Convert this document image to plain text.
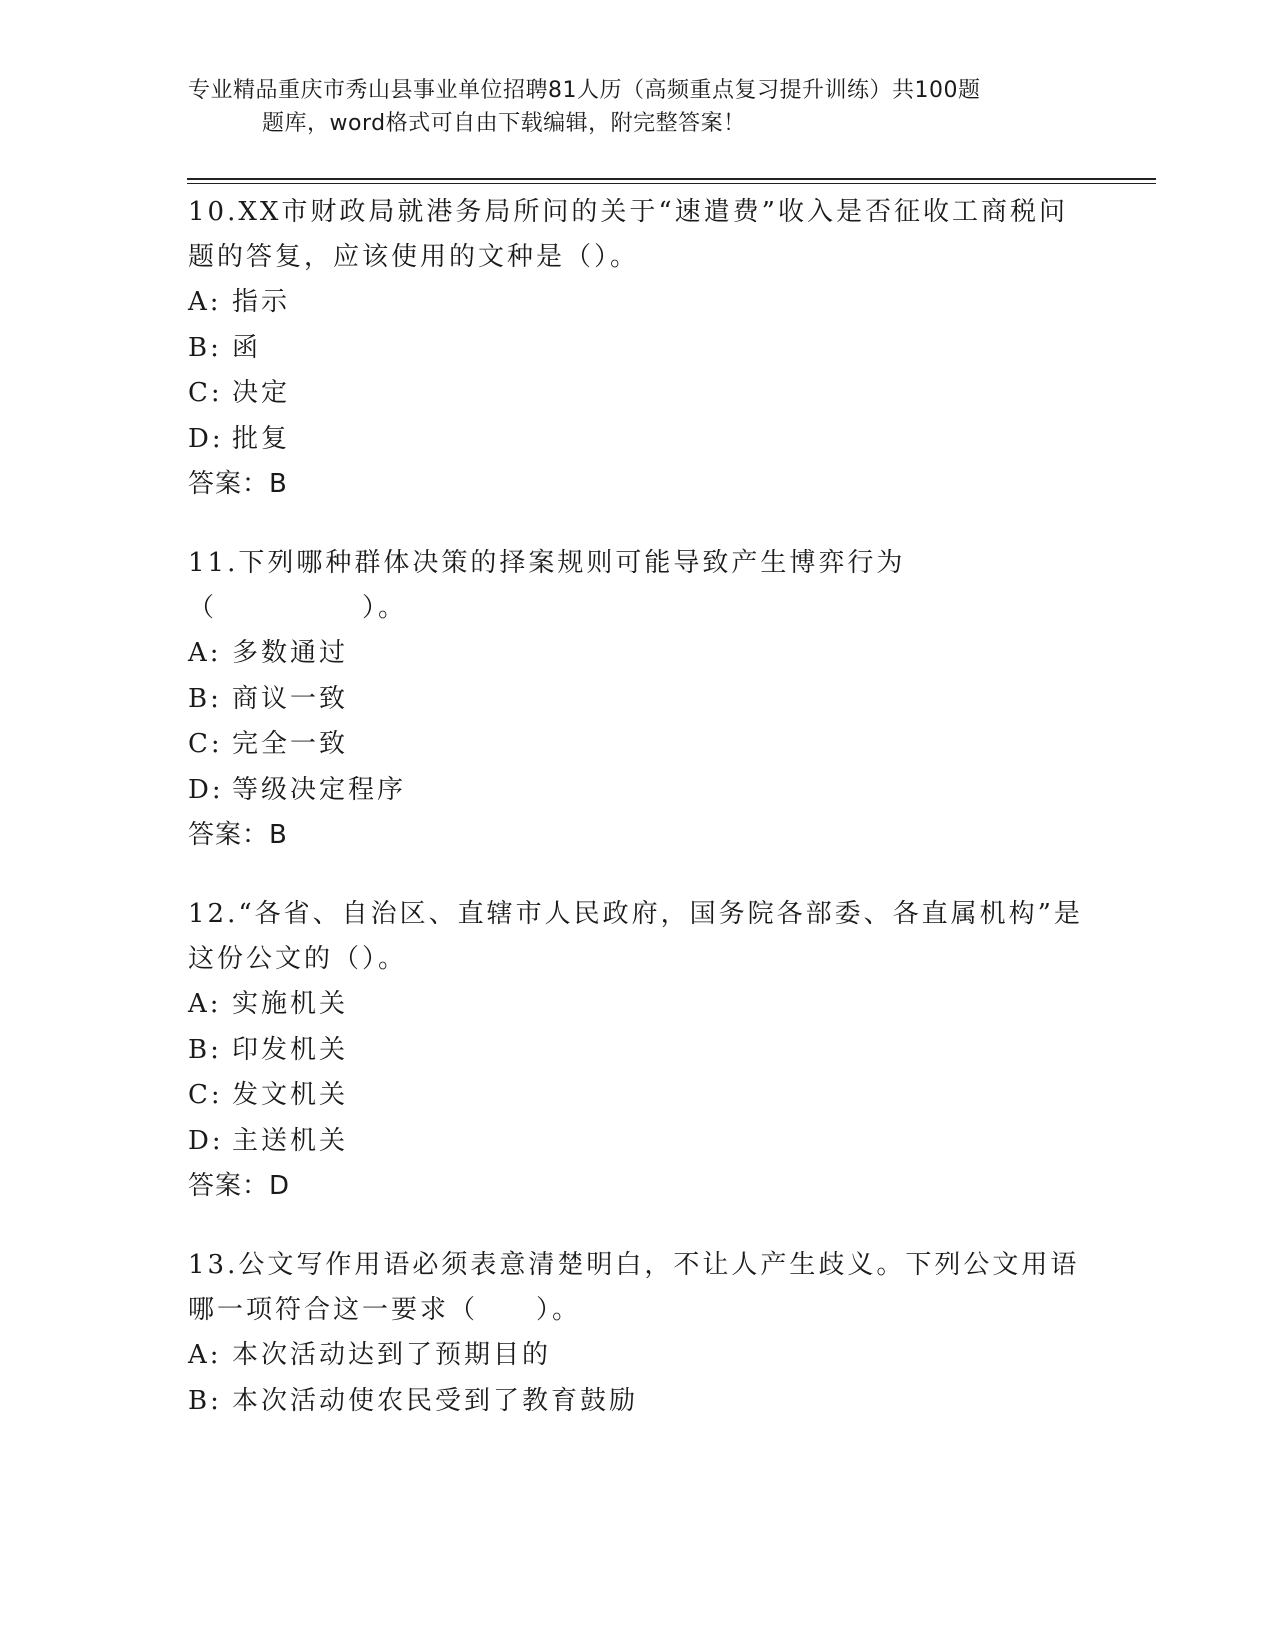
专业精品重庆市秀山县事业单位招聘81人历（高频重点复习提升训练）共100题
题库，word格式可自由下载编辑，附完整答案！

10.XX市财政局就港务局所问的关于“速遣费”收入是否征收工商税问题的答复，应该使用的文种是（）。

A: 指示

B: 函

C: 决定

D: 批复

答案：B

11.下列哪种群体决策的择案规则可能导致产生博弈行为（　　　　　）。

A: 多数通过

B: 商议一致

C: 完全一致

D: 等级决定程序

答案：B

12.“各省、自治区、直辖市人民政府，国务院各部委、各直属机构”是这份公文的（）。

A: 实施机关

B: 印发机关

C: 发文机关

D: 主送机关

答案：D

13.公文写作用语必须表意清楚明白，不让人产生歧义。下列公文用语哪一项符合这一要求（　　）。

A: 本次活动达到了预期目的

B: 本次活动使农民受到了教育鼓励
